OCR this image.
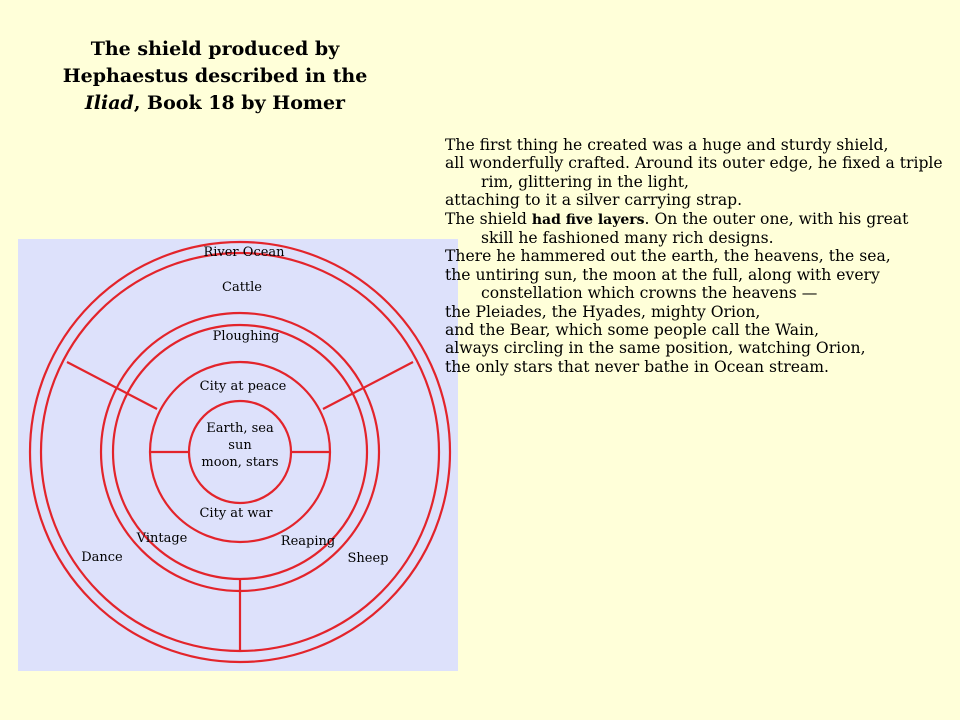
The shield produced by
Hephaestus described in the
Iliad, Book 18 by Homer
River Ocean
Cattle
Ploughing
City at peace
Earth, sea
sun
moon, stars
City at war
Vintage	Reaping
Dance	Sheep
The first thing he created was a huge and sturdy shield,
all wonderfully crafted. Around its outer edge, he fixed a triple rim, glittering in the light,
attaching to it a silver carrying strap.
The shield had five layers. On the outer one, with his great skill he fashioned many rich designs.
There he hammered out the earth, the heavens, the sea,
the untiring sun, the moon at the full, along with every constellation which crowns the heavens —
the Pleiades, the Hyades, mighty Orion,
and the Bear, which some people call the Wain,
always circling in the same position, watching Orion,
the only stars that never bathe in Ocean stream.
